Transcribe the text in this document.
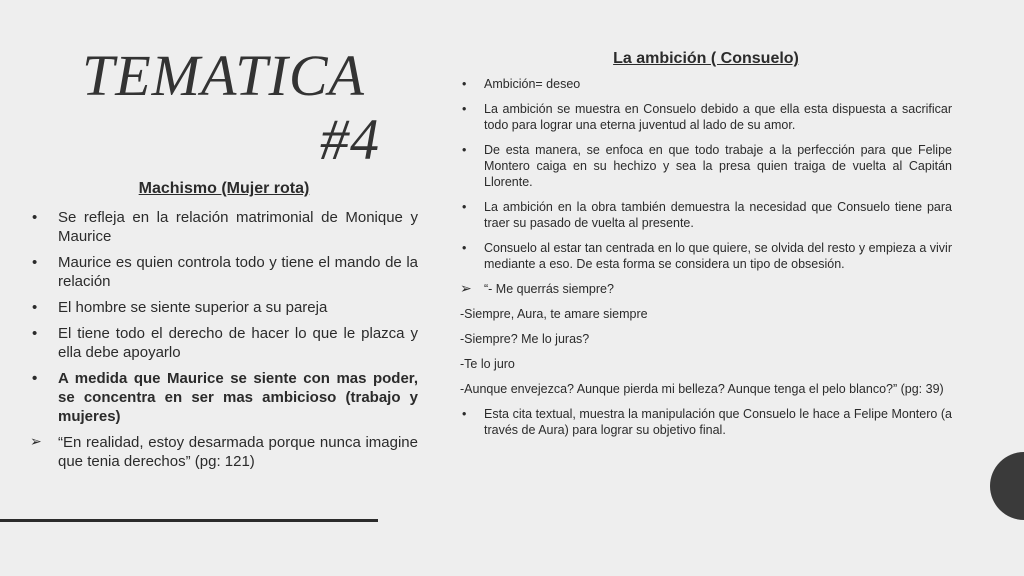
TEMATICA
#4
Machismo (Mujer rota)
• Se refleja en la relación matrimonial de Monique y Maurice
• Maurice es quien controla todo y tiene el mando de la relación
• El hombre se siente superior a su pareja
• El tiene todo el derecho de hacer lo que le plazca y ella debe apoyarlo
• A medida que Maurice se siente con mas poder, se concentra en ser mas ambicioso (trabajo y mujeres)
➢ “En realidad, estoy desarmada porque nunca imagine que tenia derechos” (pg: 121)
La ambición ( Consuelo)
• Ambición= deseo
• La ambición se muestra en Consuelo debido a que ella esta dispuesta a sacrificar todo para lograr una eterna juventud al lado de su amor.
• De esta manera, se enfoca en que todo trabaje a la perfección para que Felipe Montero caiga en su hechizo y sea la presa quien traiga de vuelta al Capitán Llorente.
• La ambición en la obra también demuestra la necesidad que Consuelo tiene para traer su pasado de vuelta al presente.
• Consuelo al estar tan centrada en lo que quiere, se olvida del resto y empieza a vivir mediante a eso. De esta forma se considera un tipo de obsesión.
➢ “- Me querrás siempre?
-Siempre, Aura, te amare siempre
-Siempre? Me lo juras?
-Te lo juro
-Aunque envejezca? Aunque pierda mi belleza? Aunque tenga el pelo blanco?” (pg: 39)
• Esta cita textual, muestra la manipulación que Consuelo le hace a Felipe Montero (a través de Aura) para lograr su objetivo final.
